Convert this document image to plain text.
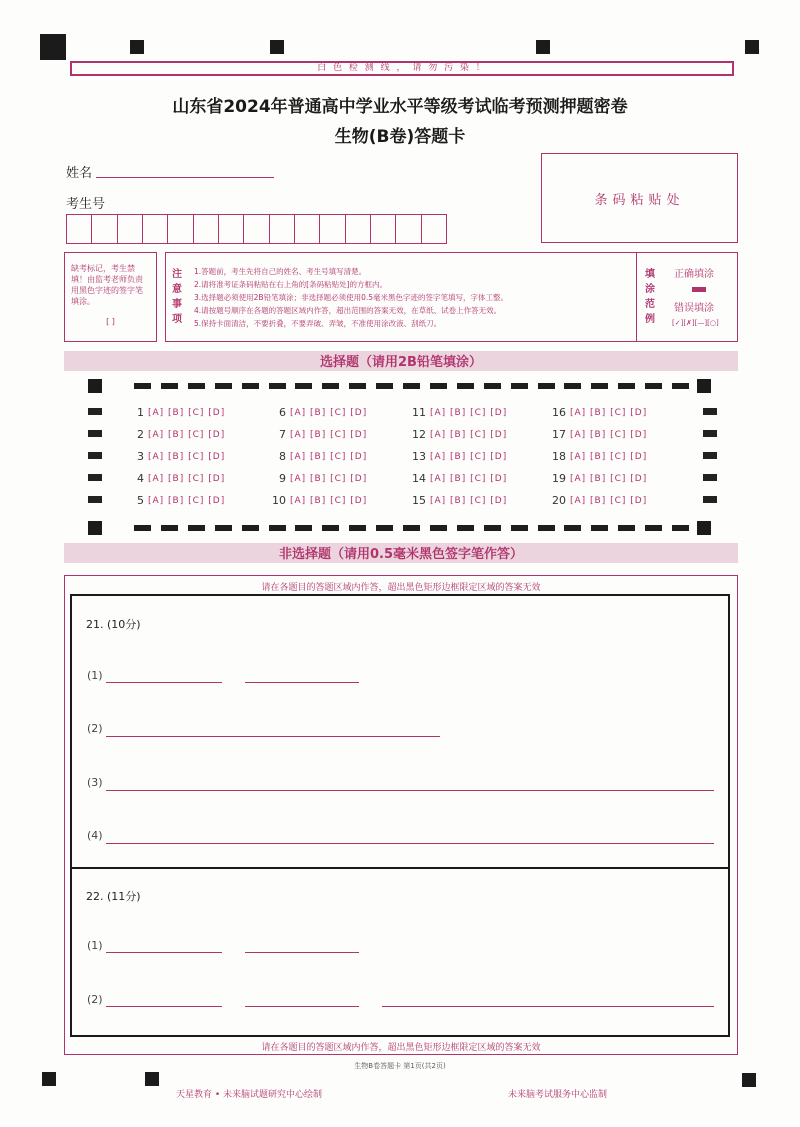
白 色 检 测 线 ， 请 勿 污 染 ！
山东省2024年普通高中学业水平等级考试临考预测押题密卷
生物(B卷)答题卡
姓名
考生号	条码粘贴处
缺考标记，考生禁填！由监考老师负责用黑色字迹的签字笔填涂。
[ ]
注
意
事
项
1.答题前，考生先将自己的姓名、考生号填写清楚。
2.请将准考证条码粘贴在右上角的[条码粘贴处]的方框内。
3.选择题必须使用2B铅笔填涂；非选择题必须使用0.5毫米黑色字迹的签字笔填写，字体工整。
4.请按题号顺序在各题的答题区域内作答，超出范围的答案无效，在草纸、试卷上作答无效。
5.保持卡面清洁，不要折叠，不要弄破、弄皱，不准使用涂改液、刮纸刀。
填
涂
范
例
正确填涂
错误填涂
[✓][✗][—][○]
选择题（请用2B铅笔填涂）
1 [A] [B] [C] [D]
2 [A] [B] [C] [D]
3 [A] [B] [C] [D]
4 [A] [B] [C] [D]
5 [A] [B] [C] [D]
6 [A] [B] [C] [D]
7 [A] [B] [C] [D]
8 [A] [B] [C] [D]
9 [A] [B] [C] [D]
10 [A] [B] [C] [D]
11 [A] [B] [C] [D]
12 [A] [B] [C] [D]
13 [A] [B] [C] [D]
14 [A] [B] [C] [D]
15 [A] [B] [C] [D]
16 [A] [B] [C] [D]
17 [A] [B] [C] [D]
18 [A] [B] [C] [D]
19 [A] [B] [C] [D]
20 [A] [B] [C] [D]
非选择题（请用0.5毫米黑色签字笔作答）
请在各题目的答题区域内作答，超出黑色矩形边框限定区域的答案无效
请在各题目的答题区域内作答，超出黑色矩形边框限定区域的答案无效
21. (10分)
(1)
(2)
(3)
(4)
22. (11分)
(1)
(2)
生物B卷答题卡 第1页(共2页)
天星教育 • 未来脑试题研究中心绘制	未来脑考试服务中心监制
